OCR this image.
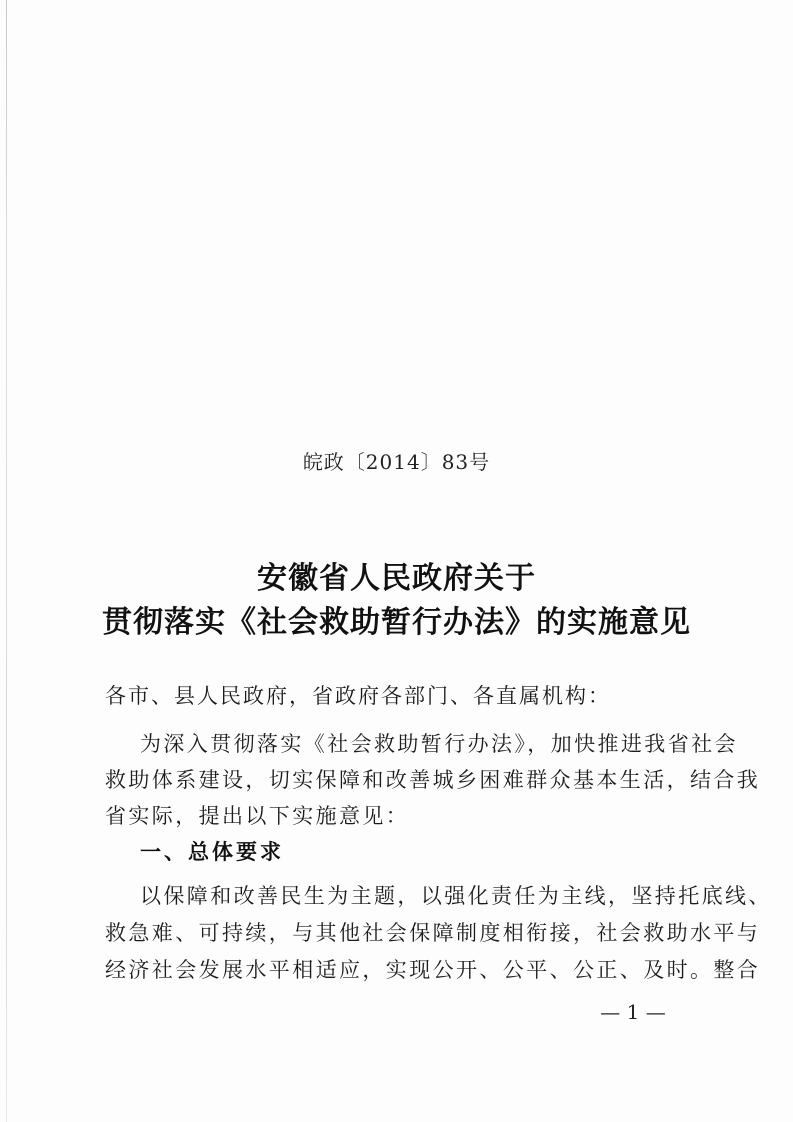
皖政〔2014〕83号
安徽省人民政府关于
贯彻落实《社会救助暂行办法》的实施意见
各市、县人民政府，省政府各部门、各直属机构：
为深入贯彻落实《社会救助暂行办法》，加快推进我省社会
救助体系建设，切实保障和改善城乡困难群众基本生活，结合我
省实际，提出以下实施意见：
一、总体要求
以保障和改善民生为主题，以强化责任为主线，坚持托底线、
救急难、可持续，与其他社会保障制度相衔接，社会救助水平与
经济社会发展水平相适应，实现公开、公平、公正、及时。整合
— 1 —
